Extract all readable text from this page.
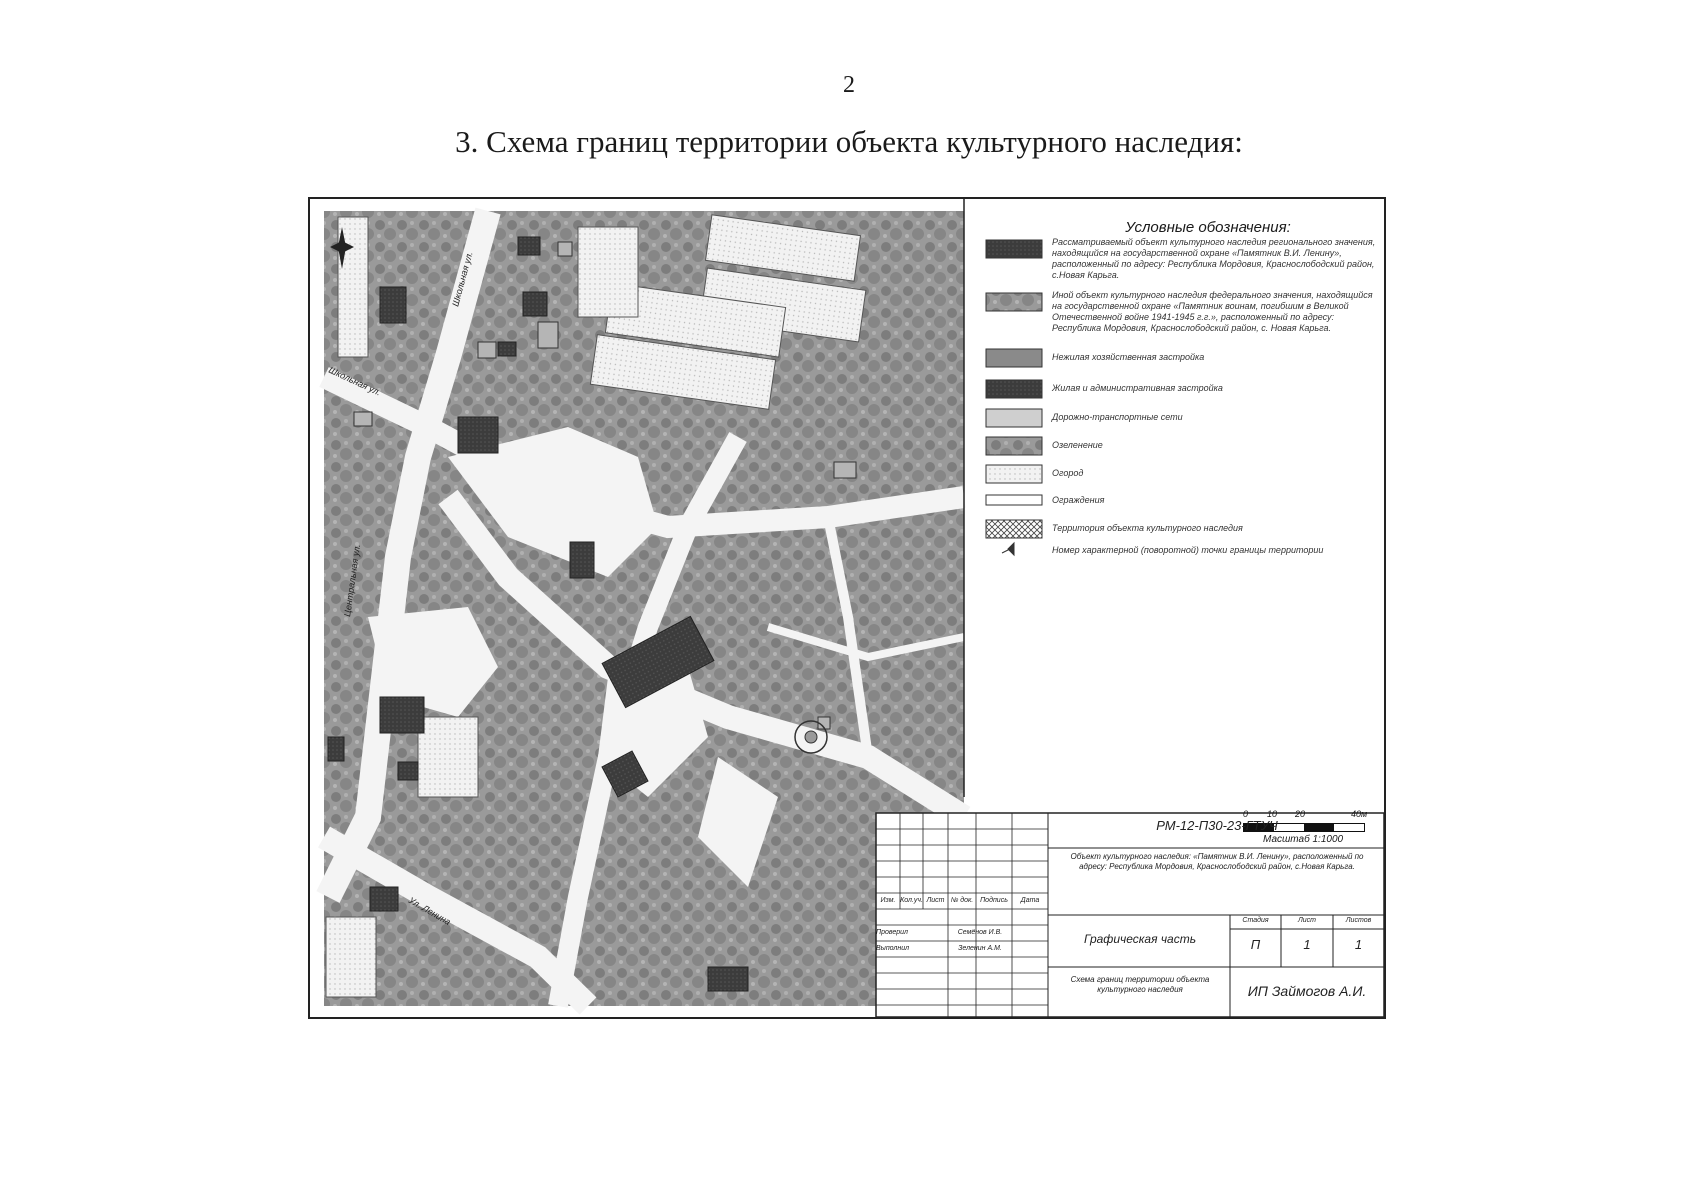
2
3. Схема границ территории объекта культурного наследия:
Школьная ул.
Школьная ул.
Центральная ул.
Ул. Ленина
Условные обозначения:
Рассматриваемый объект культурного наследия регионального значения, находящийся на государственной охране «Памятник В.И. Ленину», расположенный по адресу: Республика Мордовия, Краснослободский район, с.Новая Карьга.
Иной объект культурного наследия федерального значения, находящийся на государственной охране «Памятник воинам, погибшим в Великой Отечественной войне 1941-1945 г.г.», расположенный по адресу: Республика Мордовия, Краснослободский район, с. Новая Карьга.
Нежилая хозяйственная застройка
Жилая и административная застройка
Дорожно-транспортные сети
Озеленение
Огород
Ограждения
Территория объекта культурного наследия
Номер характерной (поворотной) точки границы территории
0 10 20	40м
Масштаб 1:1000
РМ-12-П30-23-ГТУЧ
Объект культурного наследия: «Памятник В.И. Ленину», расположенный по адресу: Республика Мордовия, Краснослободский район, с.Новая Карьга.
Изм. Кол.уч. Лист № док. Подпись	Дата
Проверил	Семёнов И.В.
Выполнил	Зеленин А.М.
Графическая часть
Стадия	Лист	Листов
П	1	1
Схема границ территории объекта культурного наследия	ИП Займогов А.И.
